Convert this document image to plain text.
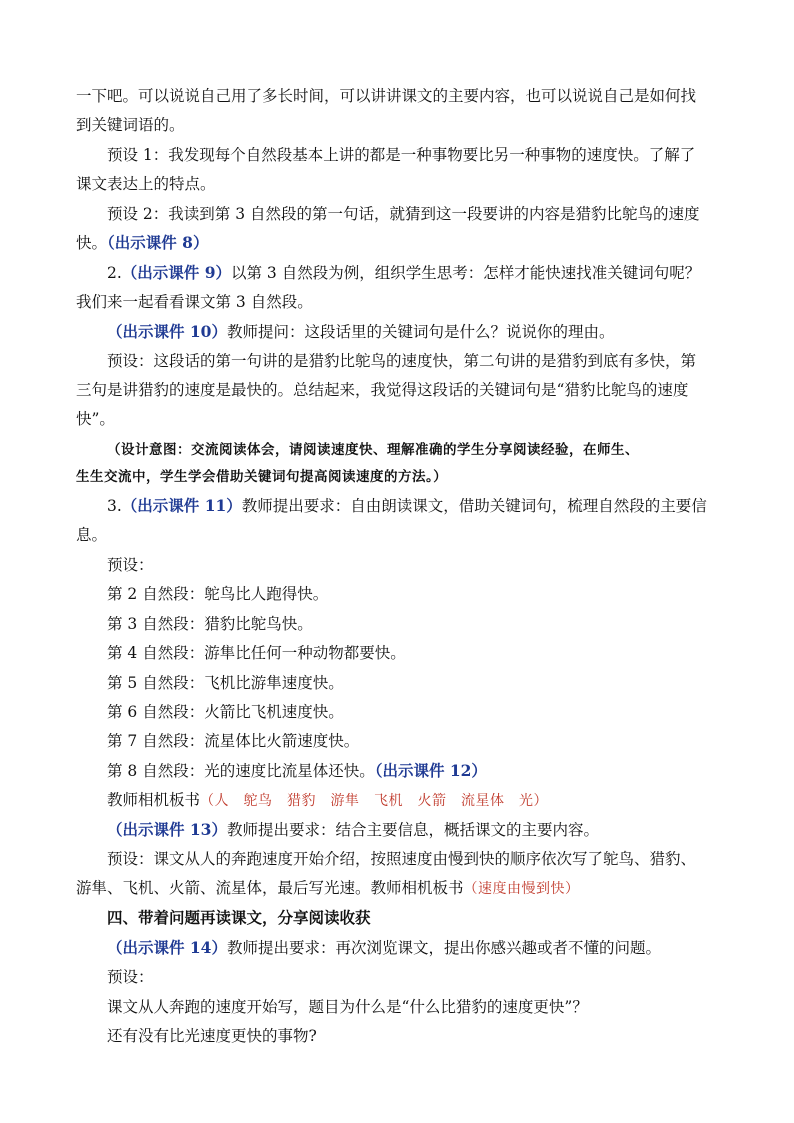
一下吧。可以说说自己用了多长时间，可以讲讲课文的主要内容，也可以说说自己是如何找
到关键词语的。
预设 1：我发现每个自然段基本上讲的都是一种事物要比另一种事物的速度快。了解了
课文表达上的特点。
预设 2：我读到第 3 自然段的第一句话，就猜到这一段要讲的内容是猎豹比鸵鸟的速度
快。（出示课件 8）
2.（出示课件 9）以第 3 自然段为例，组织学生思考：怎样才能快速找准关键词句呢？
我们来一起看看课文第 3 自然段。
（出示课件 10）教师提问：这段话里的关键词句是什么？说说你的理由。
预设：这段话的第一句讲的是猎豹比鸵鸟的速度快，第二句讲的是猎豹到底有多快，第
三句是讲猎豹的速度是最快的。总结起来，我觉得这段话的关键词句是“猎豹比鸵鸟的速度
快”。
（设计意图：交流阅读体会，请阅读速度快、理解准确的学生分享阅读经验，在师生、
生生交流中，学生学会借助关键词句提高阅读速度的方法。）
3.（出示课件 11）教师提出要求：自由朗读课文，借助关键词句，梳理自然段的主要信
息。
预设：
第 2 自然段：鸵鸟比人跑得快。
第 3 自然段：猎豹比鸵鸟快。
第 4 自然段：游隼比任何一种动物都要快。
第 5 自然段：飞机比游隼速度快。
第 6 自然段：火箭比飞机速度快。
第 7 自然段：流星体比火箭速度快。
第 8 自然段：光的速度比流星体还快。（出示课件 12）
教师相机板书（人　鸵鸟　猎豹　游隼　飞机　火箭　流星体　光）
（出示课件 13）教师提出要求：结合主要信息，概括课文的主要内容。
预设：课文从人的奔跑速度开始介绍，按照速度由慢到快的顺序依次写了鸵鸟、猎豹、
游隼、飞机、火箭、流星体，最后写光速。教师相机板书（速度由慢到快）
四、带着问题再读课文，分享阅读收获
（出示课件 14）教师提出要求：再次浏览课文，提出你感兴趣或者不懂的问题。
预设：
课文从人奔跑的速度开始写，题目为什么是“什么比猎豹的速度更快”？
还有没有比光速度更快的事物?
